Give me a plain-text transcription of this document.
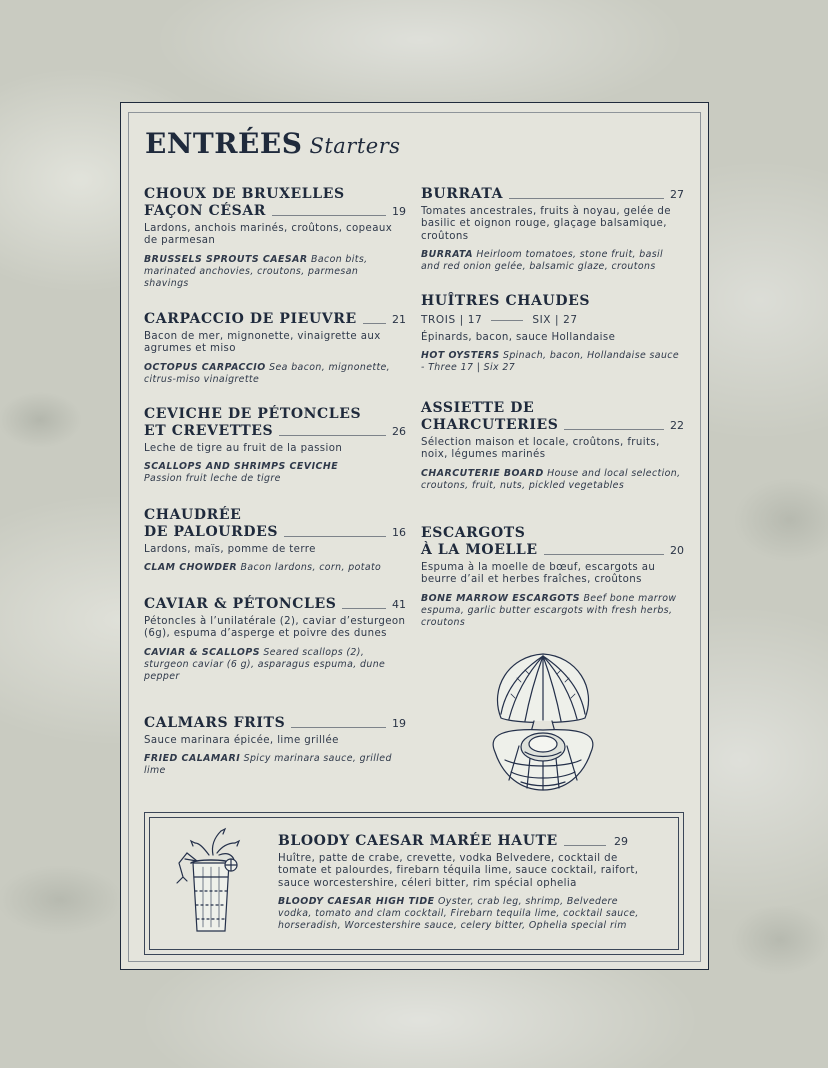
ENTRÉES Starters
CHOUX DE BRUXELLES
FAÇON CÉSAR	19
Lardons, anchois marinés, croûtons, copeaux de parmesan
BRUSSELS SPROUTS CAESAR Bacon bits, marinated anchovies, croutons, parmesan shavings
CARPACCIO DE PIEUVRE	21
Bacon de mer, mignonette, vinaigrette aux agrumes et miso
OCTOPUS CARPACCIO Sea bacon, mignonette, citrus-miso vinaigrette
CEVICHE DE PÉTONCLES
ET CREVETTES	26
Leche de tigre au fruit de la passion
SCALLOPS AND SHRIMPS CEVICHE
Passion fruit leche de tigre
CHAUDRÉE
DE PALOURDES	16
Lardons, maïs, pomme de terre
CLAM CHOWDER Bacon lardons, corn, potato
CAVIAR & PÉTONCLES	41
Pétoncles à l’unilatérale (2), caviar d’esturgeon (6g), espuma d’asperge et poivre des dunes
CAVIAR & SCALLOPS Seared scallops (2), sturgeon caviar (6 g), asparagus espuma, dune pepper
CALMARS FRITS	19
Sauce marinara épicée, lime grillée
FRIED CALAMARI Spicy marinara sauce, grilled lime
BURRATA	27
Tomates ancestrales, fruits à noyau, gelée de basilic et oignon rouge, glaçage balsamique, croûtons
BURRATA Heirloom tomatoes, stone fruit, basil and red onion gelée, balsamic glaze, croutons
HUÎTRES CHAUDES
TROIS | 17	SIX | 27
Épinards, bacon, sauce Hollandaise
HOT OYSTERS Spinach, bacon, Hollandaise sauce - Three 17 | Six 27
ASSIETTE DE
CHARCUTERIES	22
Sélection maison et locale, croûtons, fruits, noix, légumes marinés
CHARCUTERIE BOARD House and local selection, croutons, fruit, nuts, pickled vegetables
ESCARGOTS
À LA MOELLE	20
Espuma à la moelle de bœuf, escargots au beurre d’ail et herbes fraîches, croûtons
BONE MARROW ESCARGOTS Beef bone marrow espuma, garlic butter escargots with fresh herbs, croutons
BLOODY CAESAR MARÉE HAUTE	29
Huître, patte de crabe, crevette, vodka Belvedere, cocktail de tomate et palourdes, firebarn téquila lime, sauce cocktail, raifort, sauce worcestershire, céleri bitter, rim spécial ophelia
BLOODY CAESAR HIGH TIDE Oyster, crab leg, shrimp, Belvedere vodka, tomato and clam cocktail, Firebarn tequila lime, cocktail sauce, horseradish, Worcestershire sauce, celery bitter, Ophelia special rim
